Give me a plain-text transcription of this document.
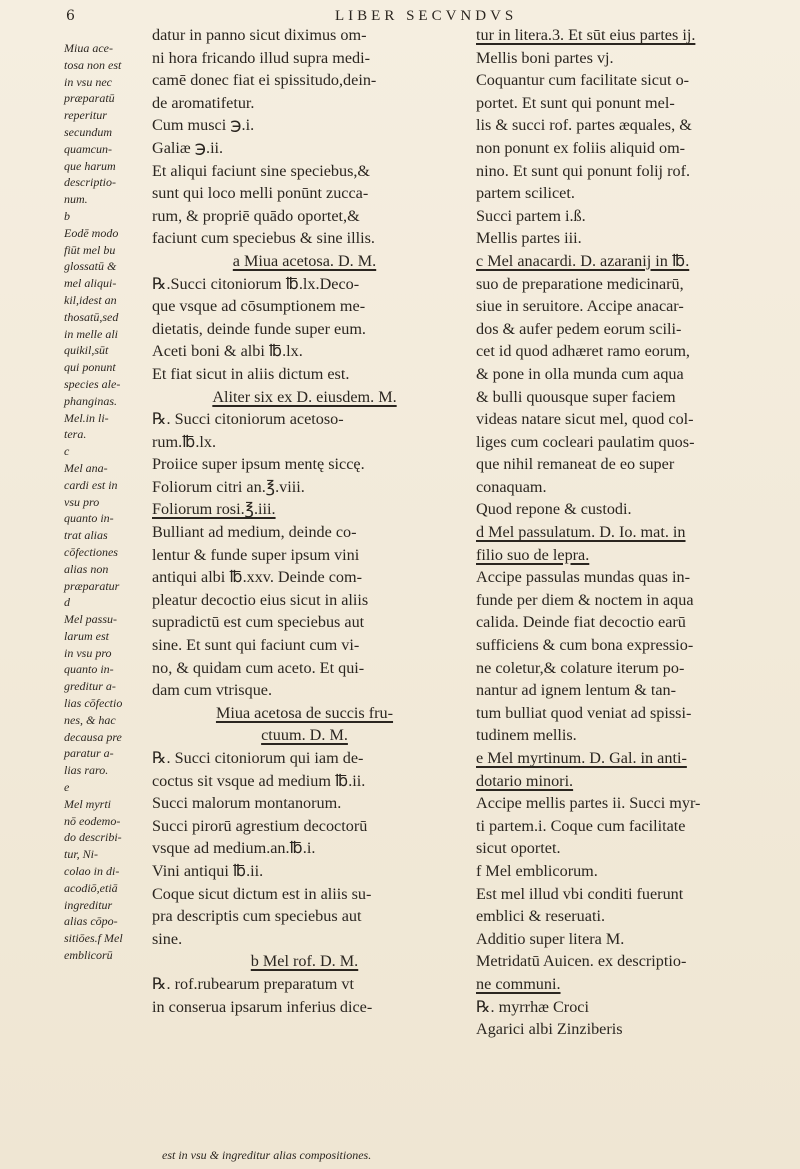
6	LIBER SECVNDVS
Miua ace-
tosa non est
in vsu nec
præparatū
reperitur
secundum
quamcun-
que harum
descriptio-
num.
b
Eodē modo
fiūt mel bu
glossatū &
mel aliqui-
kil,idest an
thosatū,sed
in melle ali
quikil,sūt
qui ponunt
species ale-
phanginas.
Mel.in li-
tera.
c
Mel ana-
cardi est in
vsu pro
quanto in-
trat alias
cōfectiones
alias non
præparatur
d
Mel passu-
larum est
in vsu pro
quanto in-
greditur a-
lias cōfectio
nes, & hac
decausa pre
paratur a-
lias raro.
e
Mel myrti
nō eodemo-
do describi-
tur, Ni-
colao in di-
acodiō,etiā
ingreditur
alias cōpo-
sitiōes.f Mel
emblicorū
datur in panno sicut diximus om-
ni hora fricando illud supra medi-
camē donec fiat ei spissitudo,dein-
de aromatifetur.
Cum musci ℈.i.
Galiæ ℈.ii.
Et aliqui faciunt sine speciebus,&
sunt qui loco melli ponūnt zucca-
rum, & propriē quādo oportet,&
faciunt cum speciebus & sine illis.
a Miua acetosa. D. M.
℞.Succi citoniorum ℔.lx.Deco-
que vsque ad cōsumptionem me-
dietatis, deinde funde super eum.
Aceti boni & albi ℔.lx.
Et fiat sicut in aliis dictum est.
Aliter six ex D. eiusdem. M.
℞. Succi citoniorum acetoso-
rum.℔.lx.
Proiice super ipsum mentę siccę.
Foliorum citri an.℥.viii.
Foliorum rosi.℥.iii.
Bulliant ad medium, deinde co-
lentur & funde super ipsum vini
antiqui albi ℔.xxv. Deinde com-
pleatur decoctio eius sicut in aliis
supradictū est cum speciebus aut
sine. Et sunt qui faciunt cum vi-
no, & quidam cum aceto. Et qui-
dam cum vtrisque.
Miua acetosa de succis fru-
ctuum. D. M.
℞. Succi citoniorum qui iam de-
coctus sit vsque ad medium ℔.ii.
Succi malorum montanorum.
Succi pirorū agrestium decoctorū
vsque ad medium.an.℔.i.
Vini antiqui ℔.ii.
Coque sicut dictum est in aliis su-
pra descriptis cum speciebus aut
sine.
b Mel rof. D. M.
℞. rof.rubearum preparatum vt
in conserua ipsarum inferius dice-
tur in litera.3. Et sūt eius partes ij.
Mellis boni partes vj.
Coquantur cum facilitate sicut o-
portet. Et sunt qui ponunt mel-
lis & succi rof. partes æquales, &
non ponunt ex foliis aliquid om-
nino. Et sunt qui ponunt folij rof.
partem scilicet.
Succi partem i.ß.
Mellis partes iii.
c Mel anacardi. D. azaranij in ℔.
suo de preparatione medicinarū,
siue in seruitore. Accipe anacar-
dos & aufer pedem eorum scili-
cet id quod adhæret ramo eorum,
& pone in olla munda cum aqua
& bulli quousque super faciem
videas natare sicut mel, quod col-
liges cum cocleari paulatim quos-
que nihil remaneat de eo super
conaquam.
Quod repone & custodi.
d Mel passulatum. D. Io. mat. in
filio suo de lepra.
Accipe passulas mundas quas in-
funde per diem & noctem in aqua
calida. Deinde fiat decoctio earū
sufficiens & cum bona expressio-
ne coletur,& colature iterum po-
nantur ad ignem lentum & tan-
tum bulliat quod veniat ad spissi-
tudinem mellis.
e Mel myrtinum. D. Gal. in anti-
dotario minori.
Accipe mellis partes ii. Succi myr-
ti partem.i. Coque cum facilitate
sicut oportet.
f Mel emblicorum.
Est mel illud vbi conditi fuerunt
emblici & reseruati.
Additio super litera M.
Metridatū Auicen. ex descriptio-
ne communi.
℞. myrrhæ Croci
Agarici albi Zinziberis
est in vsu & ingreditur alias compositiones.
